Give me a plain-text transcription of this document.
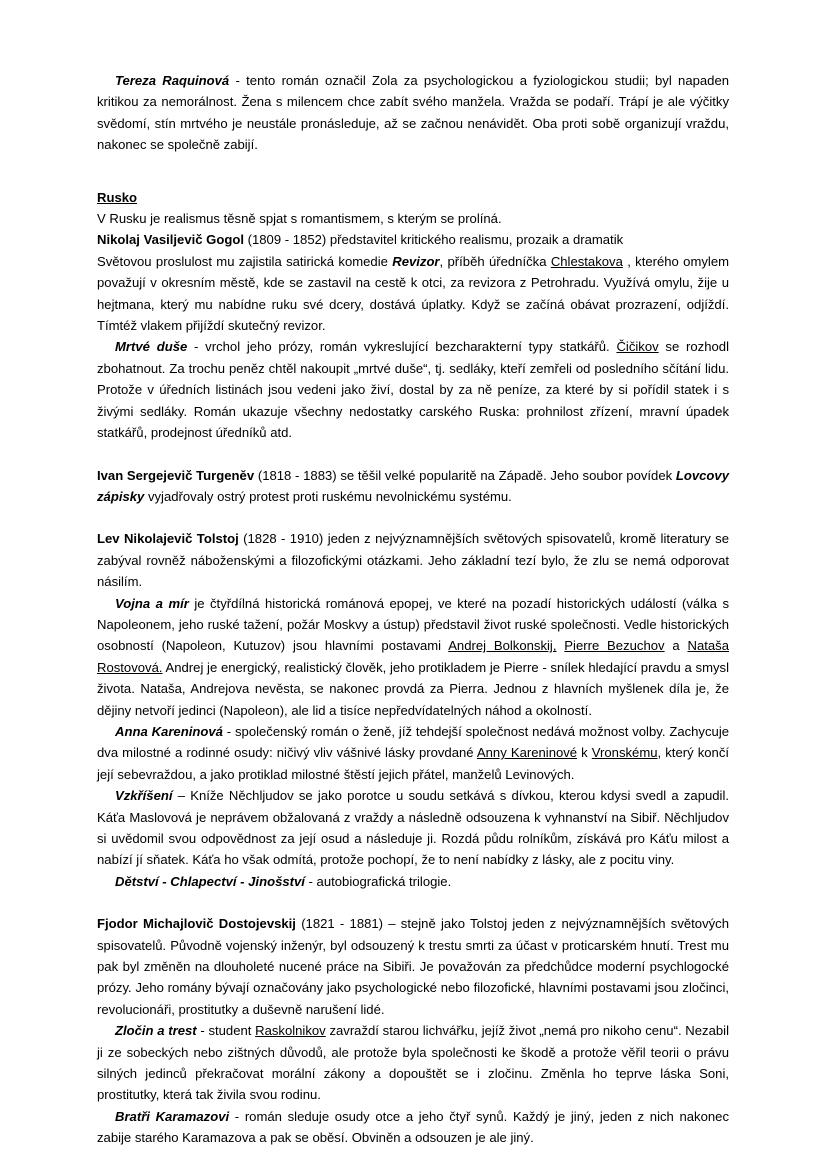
Tereza Raquinová - tento román označil Zola za psychologickou a fyziologickou studii; byl napaden kritikou za nemorálnost. Žena s milencem chce zabít svého manžela. Vražda se podaří. Trápí je ale výčitky svědomí, stín mrtvého je neustále pronásleduje, až se začnou nenávidět. Oba proti sobě organizují vraždu, nakonec se společně zabijí.

Rusko

V Rusku je realismus těsně spjat s romantismem, s kterým se prolíná.

Nikolaj Vasiljevič Gogol (1809 - 1852) představitel kritického realismu, prozaik a dramatik

Světovou proslulost mu zajistila satirická komedie Revizor, příběh úředníčka Chlestakova , kterého omylem považují v okresním městě, kde se zastavil na cestě k otci, za revizora z Petrohradu. Využívá omylu, žije u hejtmana, který mu nabídne ruku své dcery, dostává úplatky. Když se začíná obávat prozrazení, odjíždí. Tímtéž vlakem přijíždí skutečný revizor.

Mrtvé duše - vrchol jeho prózy, román vykreslující bezcharakterní typy statkářů. Čičikov se rozhodl zbohatnout. Za trochu peněz chtěl nakoupit „mrtvé duše“, tj. sedláky, kteří zemřeli od posledního sčítání lidu. Protože v úředních listinách jsou vedeni jako živí, dostal by za ně peníze, za které by si pořídil statek i s živými sedláky. Román ukazuje všechny nedostatky carského Ruska: prohnilost zřízení, mravní úpadek statkářů, prodejnost úředníků atd.

Ivan Sergejevič Turgeněv (1818 - 1883) se těšil velké popularitě na Západě. Jeho soubor povídek Lovcovy zápisky vyjadřovaly ostrý protest proti ruskému nevolnickému systému.

Lev Nikolajevič Tolstoj (1828 - 1910) jeden z nejvýznamnějších světových spisovatelů, kromě literatury se zabýval rovněž náboženskými a filozofickými otázkami. Jeho základní tezí bylo, že zlu se nemá odporovat násilím.

Vojna a mír je čtyřdílná historická románová epopej, ve které na pozadí historických událostí (válka s Napoleonem, jeho ruské tažení, požár Moskvy a ústup) představil život ruské společnosti. Vedle historických osobností (Napoleon, Kutuzov) jsou hlavními postavami Andrej Bolkonskij, Pierre Bezuchov a Nataša Rostovová. Andrej je energický, realistický člověk, jeho protikladem je Pierre - snílek hledající pravdu a smysl života. Nataša, Andrejova nevěsta, se nakonec provdá za Pierra. Jednou z hlavních myšlenek díla je, že dějiny netvoří jedinci (Napoleon), ale lid a tisíce nepředvídatelných náhod a okolností.

Anna Kareninová - společenský román o ženě, jíž tehdejší společnost nedává možnost volby. Zachycuje dva milostné a rodinné osudy: ničivý vliv vášnivé lásky provdané Anny Kareninové k Vronskému, který končí její sebevraždou, a jako protiklad milostné štěstí jejich přátel, manželů Levinových.

Vzkříšení – Kníže Něchljudov se jako porotce u soudu setkává s dívkou, kterou kdysi svedl a zapudil. Káťa Maslovová je neprávem obžalovaná z vraždy a následně odsouzena k vyhnanství na Sibiř. Něchljudov si uvědomil svou odpovědnost za její osud a následuje ji. Rozdá půdu rolníkům, získává pro Káťu milost a nabízí jí sňatek. Káťa ho však odmítá, protože pochopí, že to není nabídky z lásky, ale z pocitu viny.

Dětství - Chlapectví - Jinošství - autobiografická trilogie.

Fjodor Michajlovič Dostojevskij (1821 - 1881) – stejně jako Tolstoj jeden z nejvýznamnějších světových spisovatelů. Původně vojenský inženýr, byl odsouzený k trestu smrti za účast v proticarském hnutí. Trest mu pak byl změněn na dlouholeté nucené práce na Sibiři. Je považován za předchůdce moderní psychlogocké prózy. Jeho romány bývají označovány jako psychologické nebo filozofické, hlavními postavami jsou zločinci, revolucionáři, prostitutky a duševně narušení lidé.

Zločin a trest - student Raskolnikov zavraždí starou lichvářku, jejíž život „nemá pro nikoho cenu“. Nezabil ji ze sobeckých nebo zištných důvodů, ale protože byla společnosti ke škodě a protože věřil teorii o právu silných jedinců překračovat morální zákony a dopouštět se i zločinu. Změnla ho teprve láska Soni, prostitutky, která tak živila svou rodinu.

Bratři Karamazovi - román sleduje osudy otce a jeho čtyř synů. Každý je jiný, jeden z nich nakonec zabije starého Karamazova a pak se oběsí. Obviněn a odsouzen je ale jiný.
